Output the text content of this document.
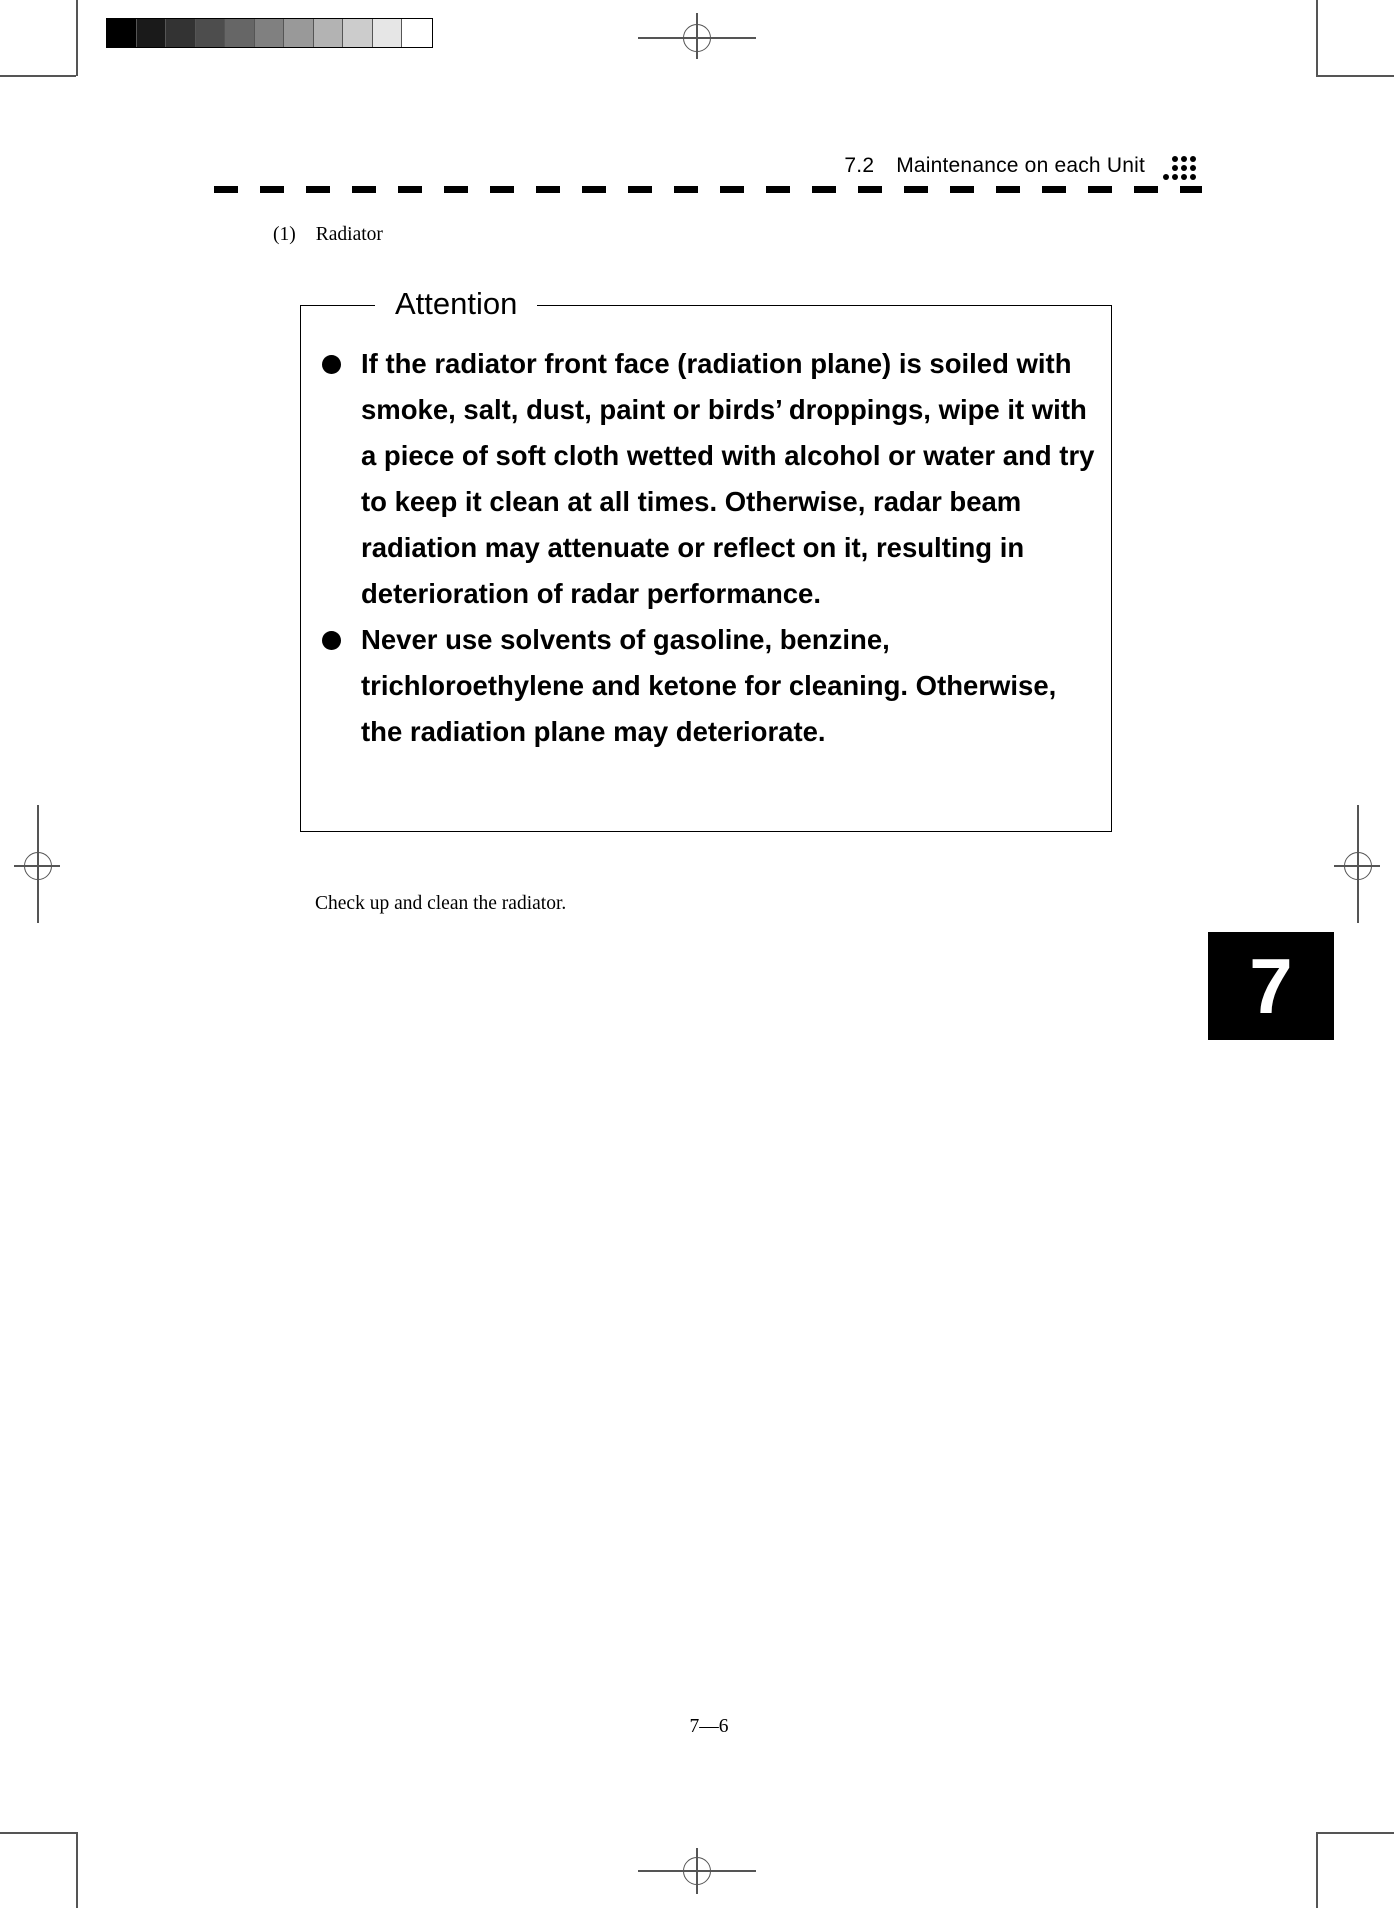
7.2 Maintenance on each Unit
(1) Radiator
Attention
If the radiator front face (radiation plane) is soiled with smoke, salt, dust, paint or birds’ droppings, wipe it with a piece of soft cloth wetted with alcohol or water and try to keep it clean at all times. Otherwise, radar beam radiation may attenuate or reflect on it, resulting in deterioration of radar performance.
Never use solvents of gasoline, benzine, trichloroethylene and ketone for cleaning. Otherwise, the radiation plane may deteriorate.
Check up and clean the radiator.
7
7―6
